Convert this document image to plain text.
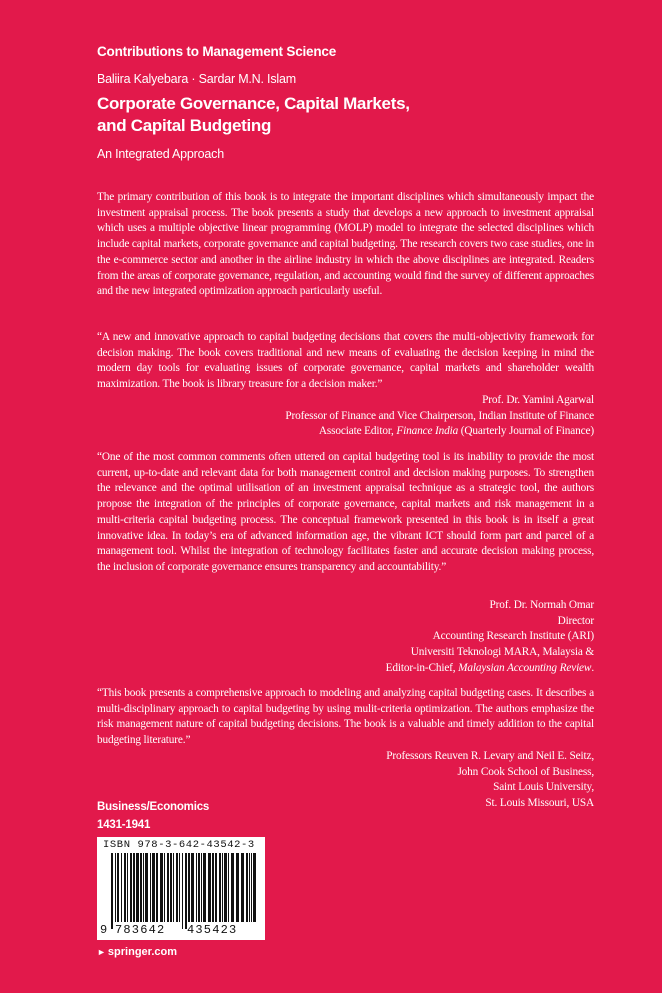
Contributions to Management Science
Baliira Kalyebara · Sardar M.N. Islam
Corporate Governance, Capital Markets,
and Capital Budgeting
An Integrated Approach

The primary contribution of this book is to integrate the important disciplines which simultaneously impact the investment appraisal process. The book presents a study that develops a new approach to investment appraisal which uses a multiple objective linear programming (MOLP) model to integrate the selected disciplines which include capital markets, corporate governance and capital budgeting. The research covers two case studies, one in the e-commerce sector and another in the airline industry in which the above disciplines are integrated. Readers from the areas of corporate governance, regulation, and accounting would find the survey of different approaches and the new integrated optimization approach particularly useful.

“A new and innovative approach to capital budgeting decisions that covers the multi-objectivity framework for decision making. The book covers traditional and new means of evaluating the decision keeping in mind the modern day tools for evaluating issues of corporate governance, capital markets and shareholder wealth maximization. The book is library treasure for a decision maker.”

Prof. Dr. Yamini Agarwal
Professor of Finance and Vice Chairperson, Indian Institute of Finance
Associate Editor, Finance India (Quarterly Journal of Finance)

“One of the most common comments often uttered on capital budgeting tool is its inability to provide the most current, up-to-date and relevant data for both management control and decision making purposes. To strengthen the relevance and the optimal utilisation of an investment appraisal technique as a strategic tool, the authors propose the integration of the principles of corporate governance, capital markets and risk management in a multi-criteria capital budgeting process. The conceptual framework presented in this book is in itself a great innovative idea. In today’s era of advanced information age, the vibrant ICT should form part and parcel of a management tool. Whilst the integration of technology facilitates faster and accurate decision making process, the inclusion of corporate governance ensures transparency and accountability.”

Prof. Dr. Normah Omar
Director
Accounting Research Institute (ARI)
Universiti Teknologi MARA, Malaysia &
Editor-in-Chief, Malaysian Accounting Review.

“This book presents a comprehensive approach to modeling and analyzing capital budgeting cases. It describes a multi-disciplinary approach to capital budgeting by using mulit-criteria optimization. The authors emphasize the risk management nature of capital budgeting decisions. The book is a valuable and timely addition to the capital budgeting literature.”

Professors Reuven R. Levary and Neil E. Seitz,
John Cook School of Business,
Saint Louis University,
St. Louis Missouri, USA
Business/Economics
1431-1941
ISBN 978-3-642-43542-3
9 783642 435423
► springer.com
